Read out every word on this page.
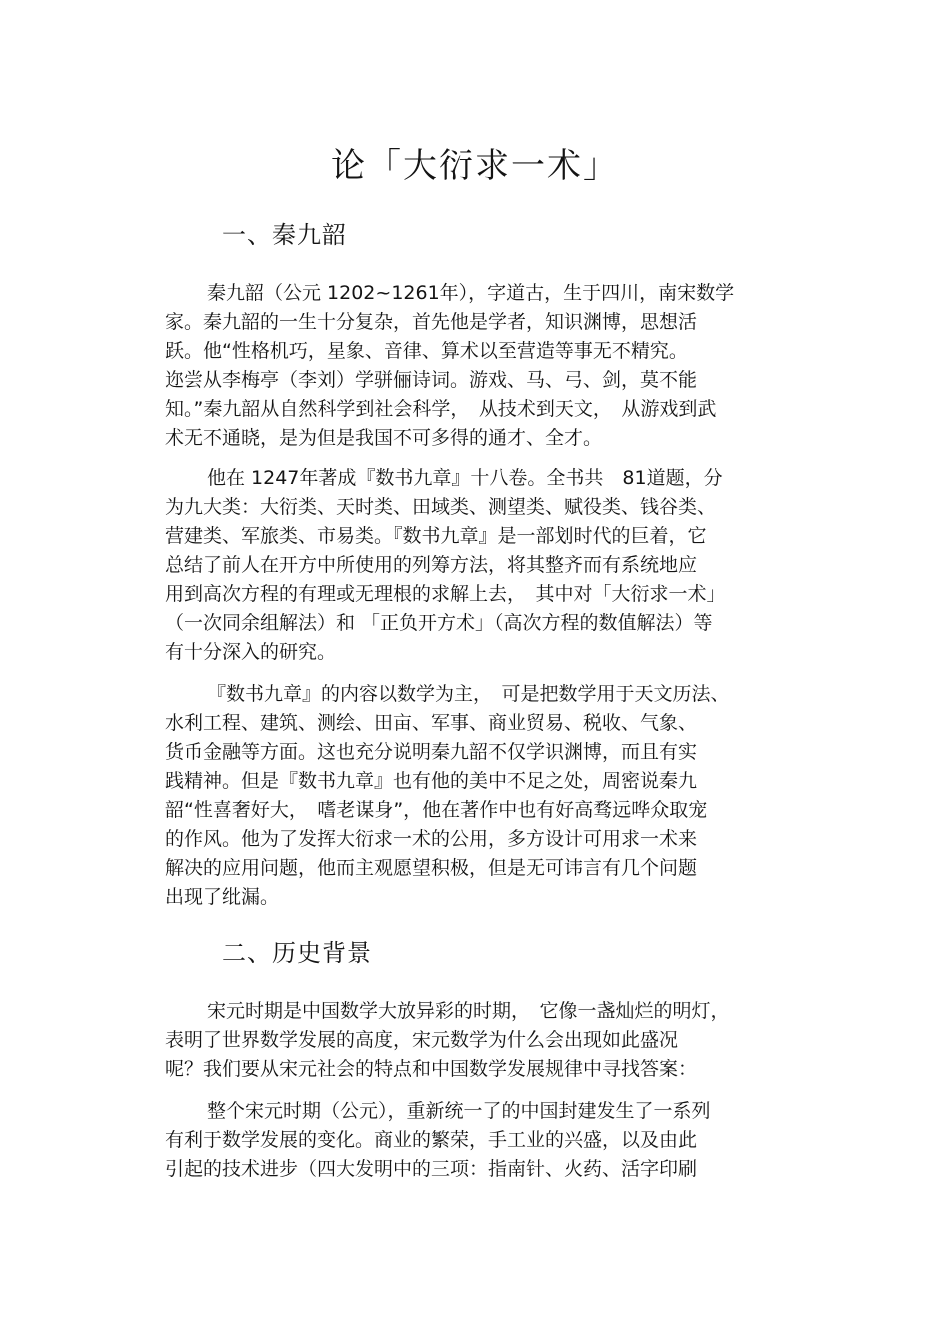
论「大衍求一术」
一、秦九韶

秦九韶（公元 1202~1261年），字道古，生于四川，南宋数学
家。秦九韶的一生十分复杂，首先他是学者，知识渊博，思想活
跃。他“性格机巧，星象、音律、算术以至营造等事无不精究。
迩尝从李梅亭（李刘）学骈俪诗词。游戏、马、弓、剑，莫不能
知。”秦九韶从自然科学到社会科学，　从技术到天文，　从游戏到武
术无不通晓，是为但是我国不可多得的通才、全才。

他在 1247年著成『数书九章』十八卷。全书共　81道题，分
为九大类：大衍类、天时类、田域类、测望类、赋役类、钱谷类、
营建类、军旅类、市易类。『数书九章』是一部划时代的巨着，它
总结了前人在开方中所使用的列筹方法，将其整齐而有系统地应
用到高次方程的有理或无理根的求解上去，　其中对「大衍求一术」
（一次同余组解法）和 「正负开方术」（高次方程的数值解法）等
有十分深入的研究。

『数书九章』的内容以数学为主，　可是把数学用于天文历法、
水利工程、建筑、测绘、田亩、军事、商业贸易、税收、气象、
货币金融等方面。这也充分说明秦九韶不仅学识渊博，而且有实
践精神。但是『数书九章』也有他的美中不足之处，周密说秦九
韶“性喜奢好大，　嗜老谋身”，他在著作中也有好高骛远哗众取宠
的作风。他为了发挥大衍求一术的公用，多方设计可用求一术来
解决的应用问题，他而主观愿望积极，但是无可讳言有几个问题
出现了纰漏。

二、历史背景

宋元时期是中国数学大放异彩的时期，　它像一盏灿烂的明灯，
表明了世界数学发展的高度，宋元数学为什么会出现如此盛况
呢？我们要从宋元社会的特点和中国数学发展规律中寻找答案：

整个宋元时期（公元），重新统一了的中国封建发生了一系列
有利于数学发展的变化。商业的繁荣，手工业的兴盛，以及由此
引起的技术进步（四大发明中的三项：指南针、火药、活字印刷
